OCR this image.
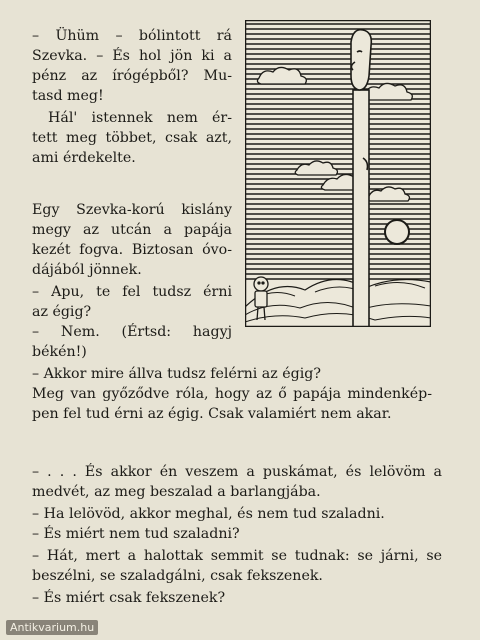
– Ühüm – bólintott rá
Szevka. – És hol jön ki a
pénz az írógépből? Mu-
tasd meg!
Hál' istennek nem ér-
tett meg többet, csak azt,
ami érdekelte.
Egy Szevka-korú kislány
megy az utcán a papája
kezét fogva. Biztosan óvo-
dájából jönnek.
– Apu, te fel tudsz érni
az égig?
– Nem. (Értsd: hagyj
békén!)
– Akkor mire állva tudsz felérni az égig?
Meg van győződve róla, hogy az ő papája mindenkép-
pen fel tud érni az égig. Csak valamiért nem akar.
– . . . És akkor én veszem a puskámat, és lelövöm a
medvét, az meg beszalad a barlangjába.
– Ha lelövöd, akkor meghal, és nem tud szaladni.
– És miért nem tud szaladni?
– Hát, mert a halottak semmit se tudnak: se járni, se
beszélni, se szaladgálni, csak fekszenek.
– És miért csak fekszenek?
Antikvarium.hu
